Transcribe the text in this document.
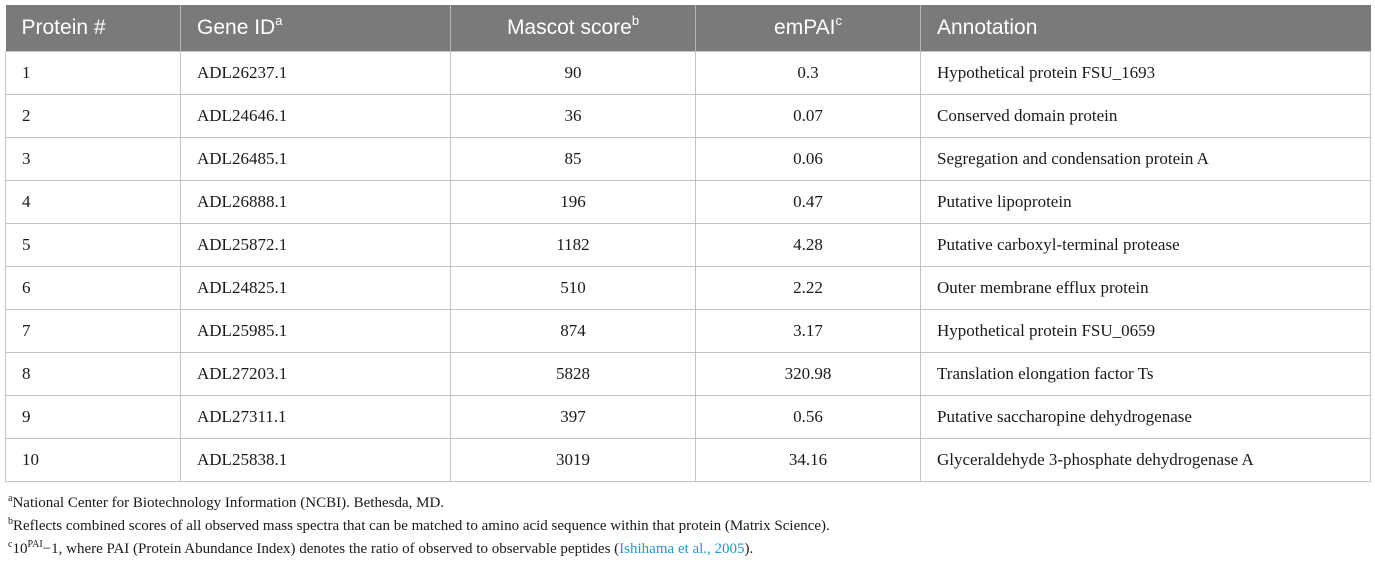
Protein #	Gene $ID^a$	Mascot score$^b$	emPAI$^c$	Annotation
1	ADL26237.1	90	0.3	Hypothetical protein FSU_1693
2	ADL24646.1	36	0.07	Conserved domain protein
3	ADL26485.1	85	0.06	Segregation and condensation protein A
4	ADL26888.1	196	0.47	Putative lipoprotein
5	ADL25872.1	1182	4.28	Putative carboxyl-terminal protease
6	ADL24825.1	510	2.22	Outer membrane efflux protein
7	ADL25985.1	874	3.17	Hypothetical protein FSU_0659
8	ADL27203.1	5828	320.98	Translation elongation factor Ts
9	ADL27311.1	397	0.56	Putative saccharopine dehydrogenase
10	ADL25838.1	3019	34.16	Glyceraldehyde 3-phosphate dehydrogenase A
$^a$National Center for Biotechnology Information (NCBI). Bethesda, MD.
$^b$Reflects combined scores of all observed mass spectra that can be matched to amino acid sequence within that protein (Matrix Science).
$^c10^{PAI}-1$, where PAI (Protein Abundance Index) denotes the ratio of observed to observable peptides (Ishihama et al., 2005).
